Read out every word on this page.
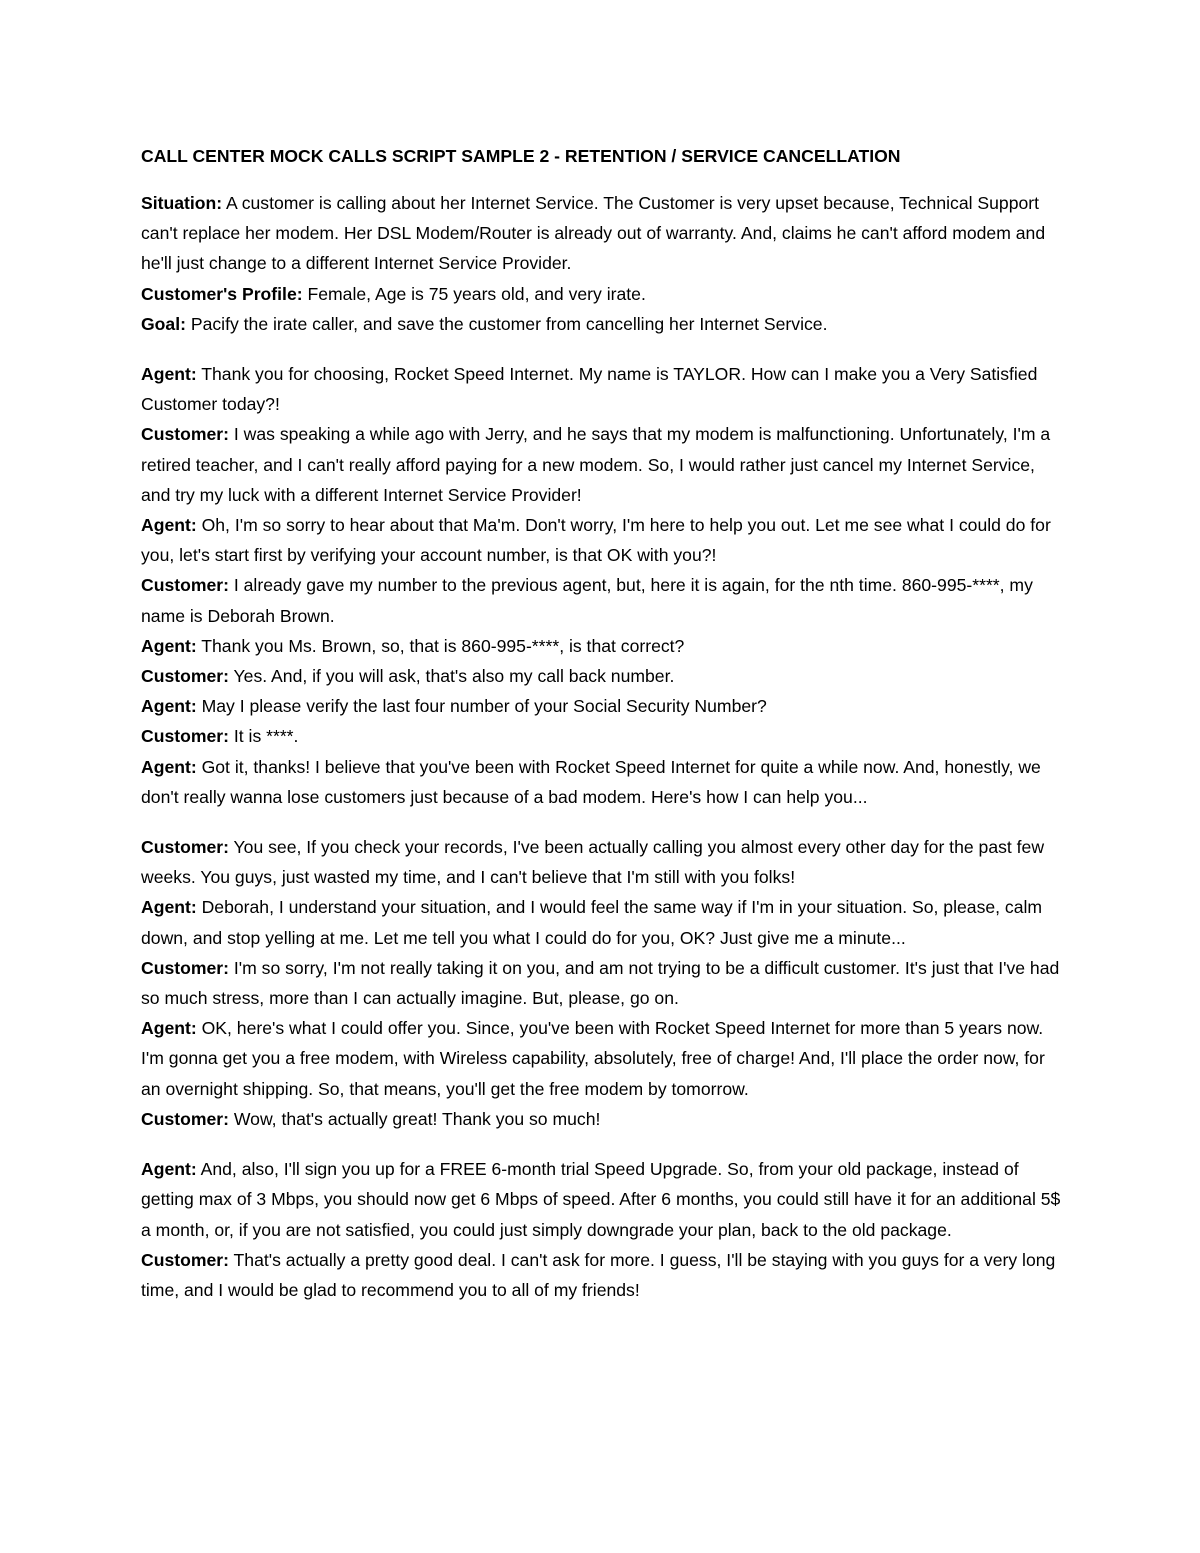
CALL CENTER MOCK CALLS SCRIPT SAMPLE 2 - RETENTION / SERVICE CANCELLATION

Situation: A customer is calling about her Internet Service. The Customer is very upset because, Technical Support can't replace her modem. Her DSL Modem/Router is already out of warranty. And, claims he can't afford modem and he'll just change to a different Internet Service Provider.

Customer's Profile: Female, Age is 75 years old, and very irate.

Goal: Pacify the irate caller, and save the customer from cancelling her Internet Service.

Agent: Thank you for choosing, Rocket Speed Internet. My name is TAYLOR. How can I make you a Very Satisfied Customer today?!

Customer: I was speaking a while ago with Jerry, and he says that my modem is malfunctioning. Unfortunately, I'm a retired teacher, and I can't really afford paying for a new modem. So, I would rather just cancel my Internet Service, and try my luck with a different Internet Service Provider!

Agent: Oh, I'm so sorry to hear about that Ma'm. Don't worry, I'm here to help you out. Let me see what I could do for you, let's start first by verifying your account number, is that OK with you?!

Customer: I already gave my number to the previous agent, but, here it is again, for the nth time. 860-995-****, my name is Deborah Brown.

Agent: Thank you Ms. Brown, so, that is 860-995-****, is that correct?

Customer: Yes. And, if you will ask, that's also my call back number.

Agent: May I please verify the last four number of your Social Security Number?

Customer: It is ****.

Agent: Got it, thanks! I believe that you've been with Rocket Speed Internet for quite a while now. And, honestly, we don't really wanna lose customers just because of a bad modem. Here's how I can help you...

Customer: You see, If you check your records, I've been actually calling you almost every other day for the past few weeks. You guys, just wasted my time, and I can't believe that I'm still with you folks!

Agent: Deborah, I understand your situation, and I would feel the same way if I'm in your situation. So, please, calm down, and stop yelling at me. Let me tell you what I could do for you, OK? Just give me a minute...

Customer: I'm so sorry, I'm not really taking it on you, and am not trying to be a difficult customer. It's just that I've had so much stress, more than I can actually imagine. But, please, go on.

Agent: OK, here's what I could offer you. Since, you've been with Rocket Speed Internet for more than 5 years now. I'm gonna get you a free modem, with Wireless capability, absolutely, free of charge! And, I'll place the order now, for an overnight shipping. So, that means, you'll get the free modem by tomorrow.

Customer: Wow, that's actually great! Thank you so much!

Agent: And, also, I'll sign you up for a FREE 6-month trial Speed Upgrade. So, from your old package, instead of getting max of 3 Mbps, you should now get 6 Mbps of speed. After 6 months, you could still have it for an additional 5$ a month, or, if you are not satisfied, you could just simply downgrade your plan, back to the old package.

Customer: That's actually a pretty good deal. I can't ask for more. I guess, I'll be staying with you guys for a very long time, and I would be glad to recommend you to all of my friends!
